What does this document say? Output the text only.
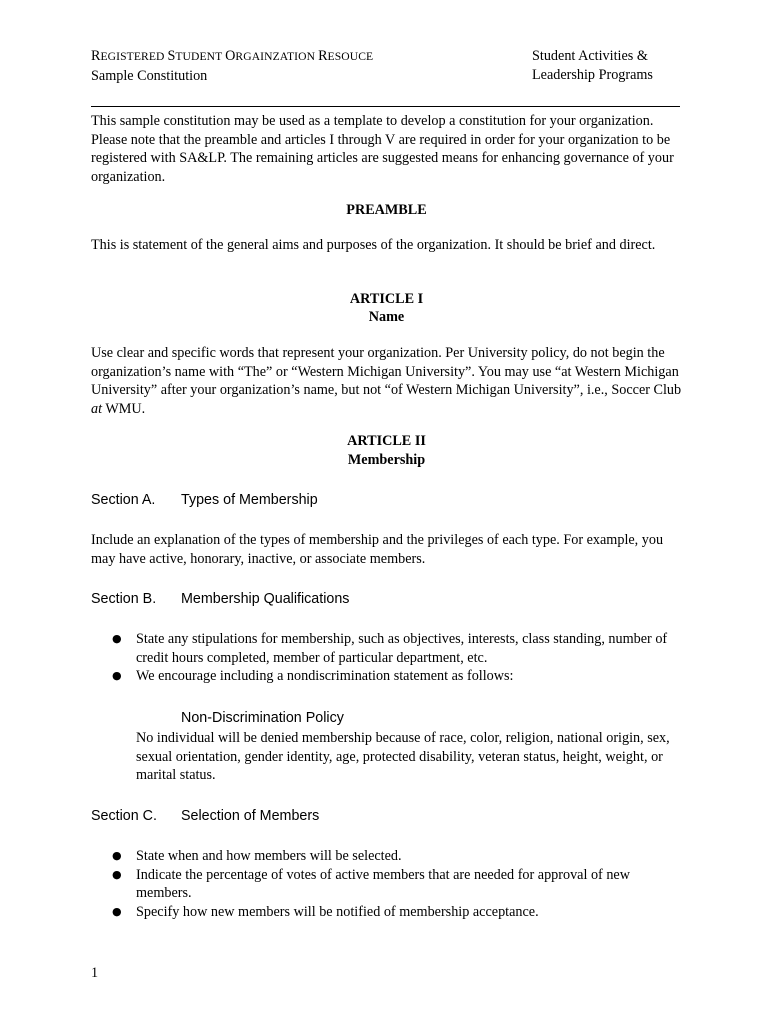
REGISTERED STUDENT ORGAINZATION RESOUCE
Sample Constitution
Student Activities &
Leadership Programs

This sample constitution may be used as a template to develop a constitution for your organization. Please note that the preamble and articles I through V are required in order for your organization to be registered with SA&LP. The remaining articles are suggested means for enhancing governance of your organization.

PREAMBLE

This is statement of the general aims and purposes of the organization. It should be brief and direct.

ARTICLE I

Name

Use clear and specific words that represent your organization. Per University policy, do not begin the organization’s name with “The” or “Western Michigan University”. You may use “at Western Michigan University” after your organization’s name, but not “of Western Michigan University”, i.e., Soccer Club at WMU.

ARTICLE II

Membership

Section A. Types of Membership

Include an explanation of the types of membership and the privileges of each type. For example, you may have active, honorary, inactive, or associate members.

Section B. Membership Qualifications
●	State any stipulations for membership, such as objectives, interests, class standing, number of credit hours completed, member of particular department, etc.
●	We encourage including a nondiscrimination statement as follows:
Non-Discrimination Policy

No individual will be denied membership because of race, color, religion, national origin, sex, sexual orientation, gender identity, age, protected disability, veteran status, height, weight, or marital status.

Section C. Selection of Members
●	State when and how members will be selected.
●	Indicate the percentage of votes of active members that are needed for approval of new members.
●	Specify how new members will be notified of membership acceptance.
1
